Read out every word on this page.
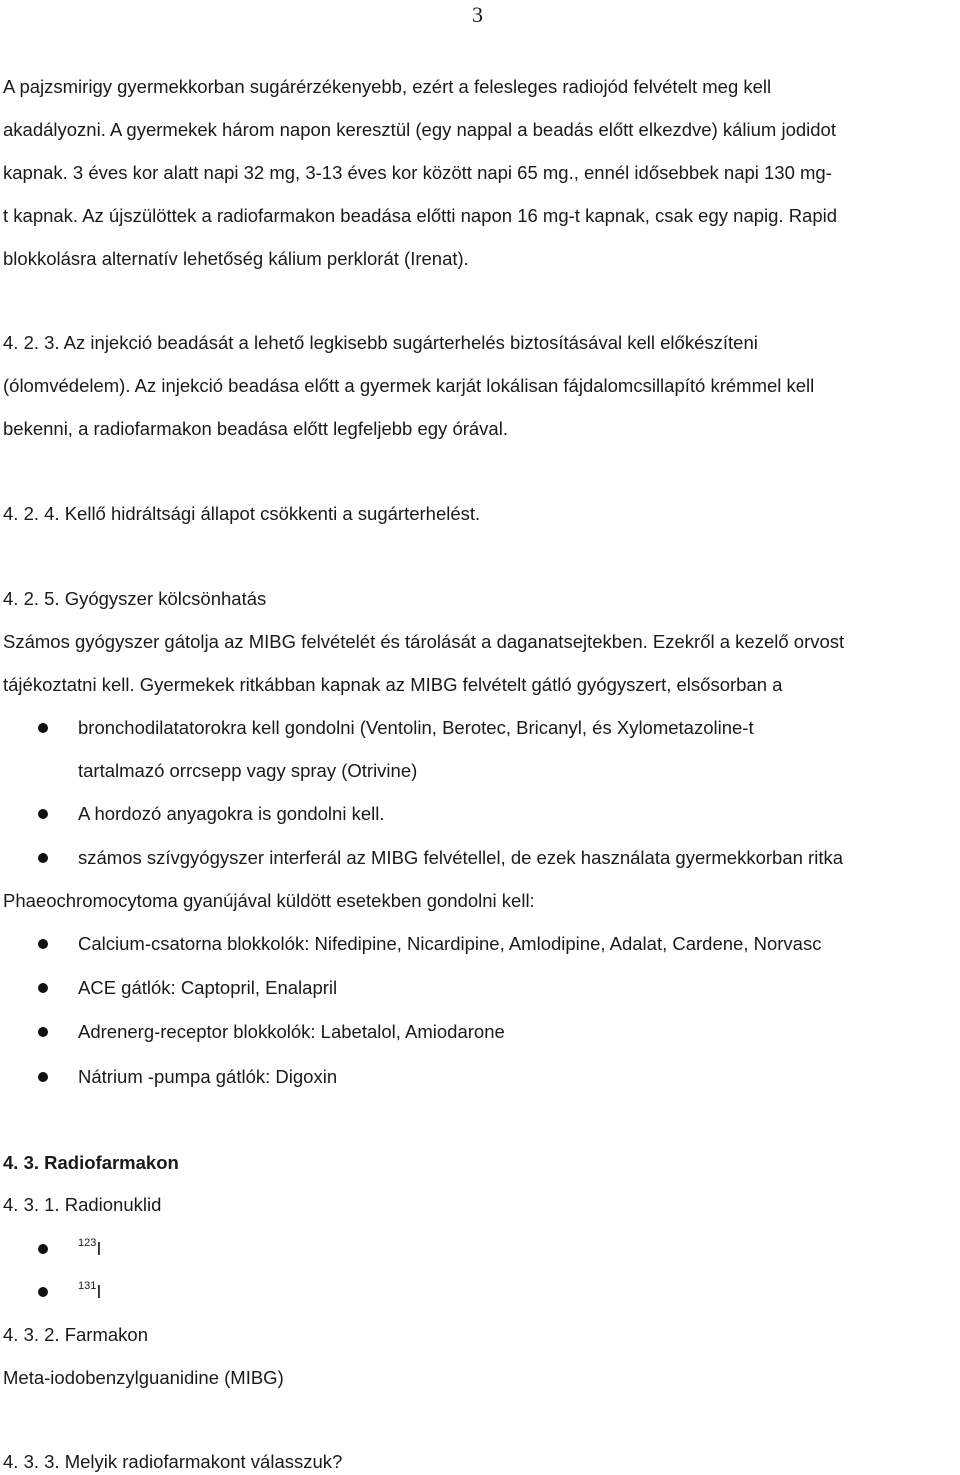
3
A pajzsmirigy gyermekkorban sugárérzékenyebb, ezért a felesleges radiojód felvételt meg kell
akadályozni. A gyermekek három napon keresztül (egy nappal a beadás előtt elkezdve) kálium jodidot
kapnak. 3 éves kor alatt napi 32 mg, 3-13 éves kor között napi 65 mg., ennél idősebbek napi 130 mg-
t kapnak. Az újszülöttek a radiofarmakon beadása előtti napon 16 mg-t kapnak, csak egy napig. Rapid
blokkolásra alternatív lehetőség kálium perklorát (Irenat).
4. 2. 3. Az injekció beadását a lehető legkisebb sugárterhelés biztosításával kell előkészíteni
(ólomvédelem). Az injekció beadása előtt a gyermek karját lokálisan fájdalomcsillapító krémmel kell
bekenni, a radiofarmakon beadása előtt legfeljebb egy órával.
4. 2. 4. Kellő hidráltsági állapot csökkenti a sugárterhelést.
4. 2. 5. Gyógyszer kölcsönhatás
Számos gyógyszer gátolja az MIBG felvételét és tárolását a daganatsejtekben. Ezekről a kezelő orvost
tájékoztatni kell. Gyermekek ritkábban kapnak az MIBG felvételt gátló gyógyszert, elsősorban a
bronchodilatatorokra kell gondolni (Ventolin, Berotec, Bricanyl, és Xylometazoline-t
tartalmazó orrcsepp vagy spray (Otrivine)
A hordozó anyagokra is gondolni kell.
számos szívgyógyszer interferál az MIBG felvétellel, de ezek használata gyermekkorban ritka
Phaeochromocytoma gyanújával küldött esetekben gondolni kell:
Calcium-csatorna blokkolók: Nifedipine, Nicardipine, Amlodipine, Adalat, Cardene, Norvasc
ACE gátlók: Captopril, Enalapril
Adrenerg-receptor blokkolók: Labetalol, Amiodarone
Nátrium -pumpa gátlók: Digoxin
4. 3. Radiofarmakon
4. 3. 1. Radionuklid
$^{123}$I
$^{131}$I
4. 3. 2. Farmakon
Meta-iodobenzylguanidine (MIBG)
4. 3. 3. Melyik radiofarmakont válasszuk?
